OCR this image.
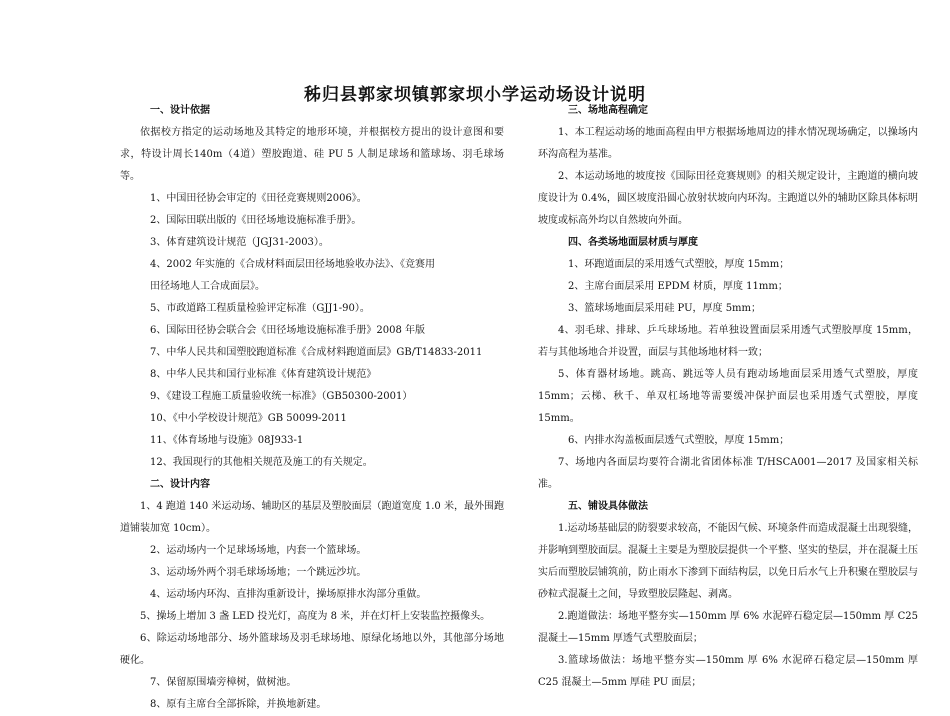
秭归县郭家坝镇郭家坝小学运动场设计说明
一、设计依据

依据校方指定的运动场地及其特定的地形环境，并根据校方提出的设计意图和要求，特设计周长140m（4道）塑胶跑道、硅 PU 5 人制足球场和篮球场、羽毛球场等。

1、中国田径协会审定的《田径竞赛规则2006》。
2、国际田联出版的《田径场地设施标准手册》。
3、体育建筑设计规范（JGJ31-2003）。
4、2002 年实施的《合成材料面层田径场地验收办法》、《竞赛用
田径场地人工合成面层》。
5、市政道路工程质量检验评定标准（GJJ1-90）。
6、国际田径协会联合会《田径场地设施标准手册》2008 年版
7、中华人民共和国塑胶跑道标准《合成材料跑道面层》GB/T14833-2011
8、中华人民共和国行业标准《体育建筑设计规范》
9、《建设工程施工质量验收统一标准》（GB50300-2001）
10、《中小学校设计规范》GB 50099-2011
11、《体育场地与设施》08J933-1
12、我国现行的其他相关规范及施工的有关规定。
二、设计内容

1、4 跑道 140 米运动场、辅助区的基层及塑胶面层（跑道宽度 1.0 米，最外围跑道铺装加宽 10cm）。

2、运动场内一个足球场场地，内套一个篮球场。
3、运动场外两个羽毛球场场地；一个跳远沙坑。
4、运动场内环沟、直排沟重新设计，操场原排水沟部分重做。

5、操场上增加 3 盏 LED 投光灯，高度为 8 米，并在灯杆上安装监控摄像头。

6、除运动场地部分、场外篮球场及羽毛球场地、原绿化场地以外，其他部分场地硬化。

7、保留原围墙旁樟树，做树池。
8、原有主席台全部拆除，并换地新建。
三、场地高程确定

1、本工程运动场的地面高程由甲方根据场地周边的排水情况现场确定，以操场内环沟高程为基准。

2、本运动场地的坡度按《国际田径竞赛规则》的相关规定设计，主跑道的横向坡度设计为 0.4%，圆区坡度沿圆心放射状坡向内环沟。主跑道以外的辅助区除具体标明坡度或标高外均以自然坡向外面。

四、各类场地面层材质与厚度
1、环跑道面层的采用透气式塑胶，厚度 15mm；
2、主席台面层采用 EPDM 材质，厚度 11mm；
3、篮球场地面层采用硅 PU，厚度 5mm；

4、羽毛球、排球、乒乓球场地。若单独设置面层采用透气式塑胶厚度 15mm，若与其他场地合并设置，面层与其他场地材料一致；

5、体育器材场地。跳高、跳远等人员有跑动场地面层采用透气式塑胶，厚度 15mm；云梯、秋千、单双杠场地等需要缓冲保护面层也采用透气式塑胶，厚度 15mm。

6、内排水沟盖板面层透气式塑胶，厚度 15mm；

7、场地内各面层均要符合湖北省团体标准 T/HSCA001—2017 及国家相关标准。

五、铺设具体做法

1.运动场基础层的防裂要求较高，不能因气候、环境条件而造成混凝土出现裂缝，并影响到塑胶面层。混凝土主要是为塑胶层提供一个平整、坚实的垫层，并在混凝土压实后而塑胶层铺筑前，防止雨水下渗到下面结构层，以免日后水气上升积聚在塑胶层与砂粒式混凝土之间，导致塑胶层隆起、剥离。

2.跑道做法：场地平整夯实—150mm 厚 6% 水泥碎石稳定层—150mm 厚 C25 混凝土—15mm 厚透气式塑胶面层；

3.篮球场做法：场地平整夯实—150mm 厚 6% 水泥碎石稳定层—150mm 厚 C25 混凝土—5mm 厚硅 PU 面层；
